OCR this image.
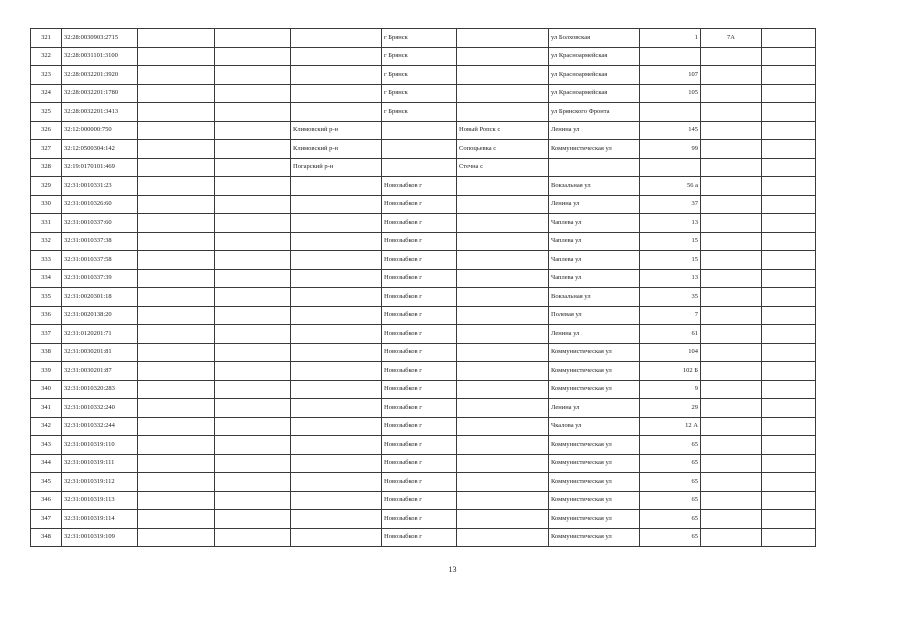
321	32:28:0030903:2715				г Брянск		ул Болховская	1	7А	
322	32:28:0031101:3100				г Брянск		ул Красноармейская			
323	32:28:0032201:3920				г Брянск		ул Красноармейская	107		
324	32:28:0032201:1780				г Брянск		ул Красноармейская	105		
325	32:28:0032201:3413				г Брянск		ул Брянского Фронта			
326	32:12:000000:750			Климовский р-н		Новый Ропск с	Ленина ул	145		
327	32:12:0500304:142			Климовский р-н		Сопоцьевка с	Коммунистическая ул	99		
328	32:19:0170101:469			Погарский р-н		Стечна с				
329	32:31:0010331:23				Новозыбков г		Вокзальная ул	56 а		
330	32:31:0010326:60				Новозыбков г		Ленина ул	37		
331	32:31:0010337:60				Новозыбков г		Чаплева ул	13		
332	32:31:0010337:38				Новозыбков г		Чаплева ул	15		
333	32:31:0010337:58				Новозыбков г		Чаплева ул	15		
334	32:31:0010337:39				Новозыбков г		Чаплева ул	13		
335	32:31:0020301:18				Новозыбков г		Вокзальная ул	35		
336	32:31:0020138:20				Новозыбков г		Полевая ул	7		
337	32:31:0120201:71				Новозыбков г		Ленина ул	61		
338	32:31:0030201:81				Новозыбков г		Коммунистическая ул	104		
339	32:31:0030201:87				Новозыбков г		Коммунистическая ул	102 Б		
340	32:31:0010320:283				Новозыбков г		Коммунистическая ул	9		
341	32:31:0010332:240				Новозыбков г		Ленина ул	29		
342	32:31:0010332:244				Новозыбков г		Чкалова ул	12 А		
343	32:31:0010319:110				Новозыбков г		Коммунистическая ул	65		
344	32:31:0010319:111				Новозыбков г		Коммунистическая ул	65		
345	32:31:0010319:112				Новозыбков г		Коммунистическая ул	65		
346	32:31:0010319:113				Новозыбков г		Коммунистическая ул	65		
347	32:31:0010319:114				Новозыбков г		Коммунистическая ул	65		
348	32:31:0010319:109				Новозыбков г		Коммунистическая ул	65		
13
